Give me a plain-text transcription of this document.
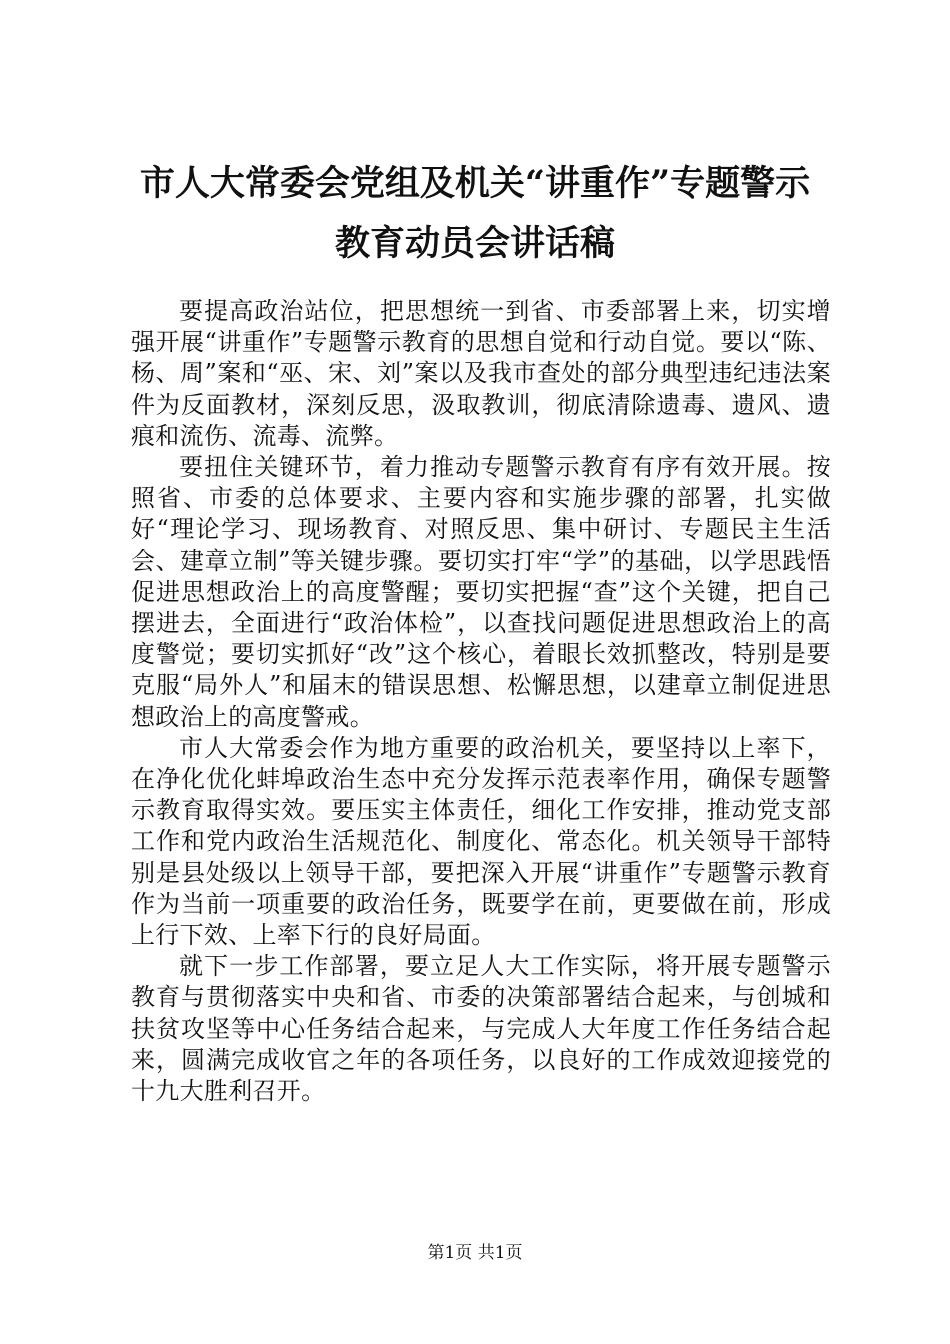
市人大常委会党组及机关“讲重作”专题警示
教育动员会讲话稿

要提高政治站位，把思想统一到省、市委部署上来，切实增强开展“讲重作”专题警示教育的思想自觉和行动自觉。要以“陈、杨、周”案和“巫、宋、刘”案以及我市查处的部分典型违纪违法案件为反面教材，深刻反思，汲取教训，彻底清除遗毒、遗风、遗痕和流伤、流毒、流弊。

要扭住关键环节，着力推动专题警示教育有序有效开展。按照省、市委的总体要求、主要内容和实施步骤的部署，扎实做好“理论学习、现场教育、对照反思、集中研讨、专题民主生活会、建章立制”等关键步骤。要切实打牢“学”的基础，以学思践悟促进思想政治上的高度警醒；要切实把握“查”这个关键，把自己摆进去，全面进行“政治体检”，以查找问题促进思想政治上的高度警觉；要切实抓好“改”这个核心，着眼长效抓整改，特别是要克服“局外人”和届末的错误思想、松懈思想，以建章立制促进思想政治上的高度警戒。

市人大常委会作为地方重要的政治机关，要坚持以上率下，在净化优化蚌埠政治生态中充分发挥示范表率作用，确保专题警示教育取得实效。要压实主体责任，细化工作安排，推动党支部工作和党内政治生活规范化、制度化、常态化。机关领导干部特别是县处级以上领导干部，要把深入开展“讲重作”专题警示教育作为当前一项重要的政治任务，既要学在前，更要做在前，形成上行下效、上率下行的良好局面。

就下一步工作部署，要立足人大工作实际，将开展专题警示教育与贯彻落实中央和省、市委的决策部署结合起来，与创城和扶贫攻坚等中心任务结合起来，与完成人大年度工作任务结合起来，圆满完成收官之年的各项任务，以良好的工作成效迎接党的十九大胜利召开。

第1页 共1页
